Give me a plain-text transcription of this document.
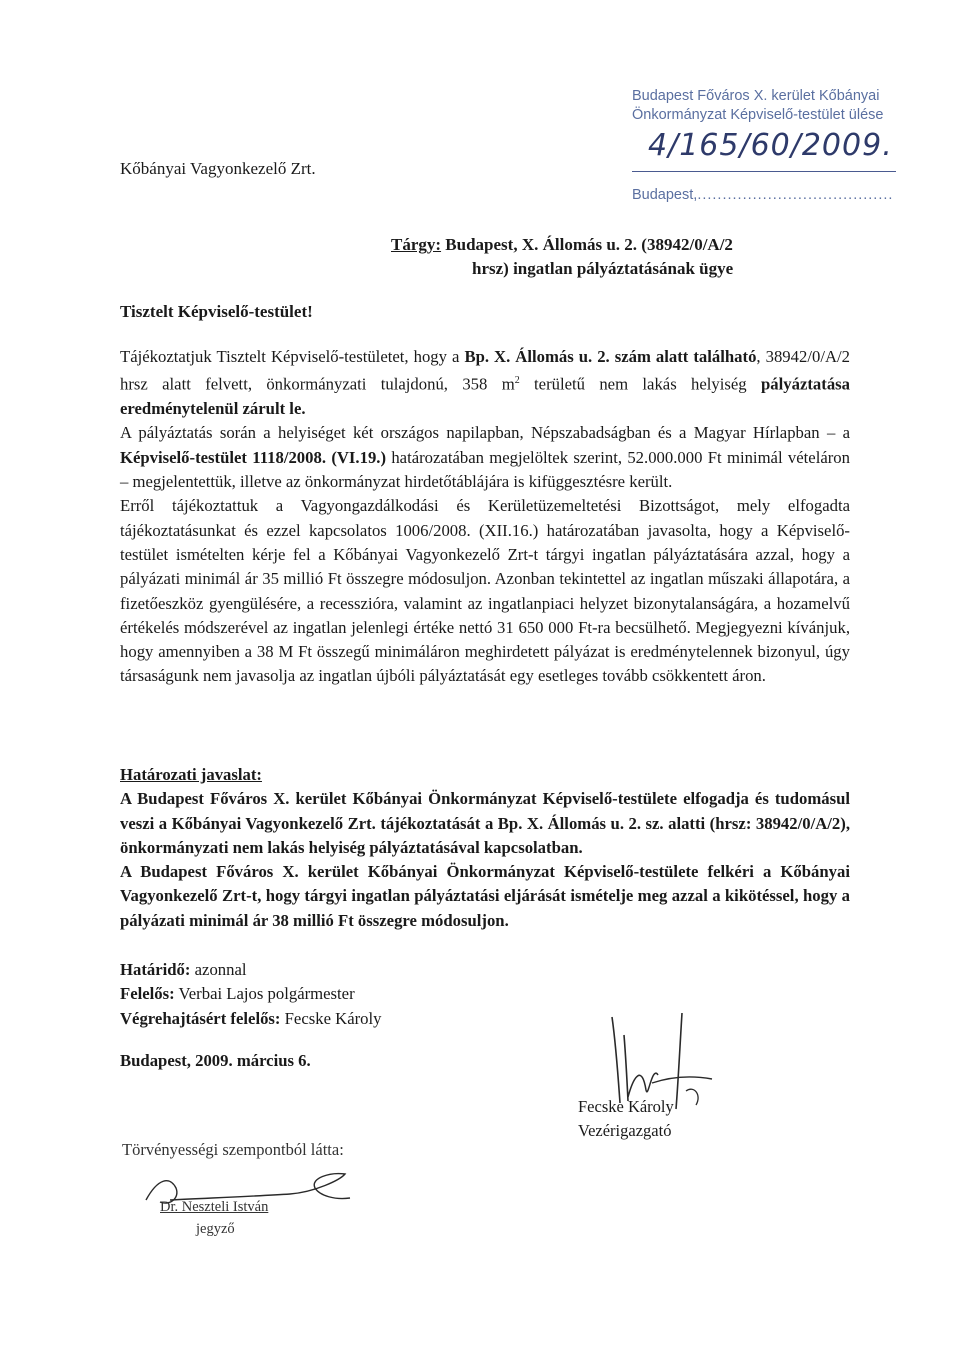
Budapest Főváros X. kerület Kőbányai
Önkormányzat Képviselő-testület ülése
4/165/60/2009.
Budapest,.......................................
Kőbányai Vagyonkezelő Zrt.
Tárgy: Budapest, X. Állomás u. 2. (38942/0/A/2
hrsz) ingatlan pályáztatásának ügye
Tisztelt Képviselő-testület!

Tájékoztatjuk Tisztelt Képviselő-testületet, hogy a Bp. X. Állomás u. 2. szám alatt található, 38942/0/A/2 hrsz alatt felvett, önkormányzati tulajdonú, 358 $m^2$ területű nem lakás helyiség pályáztatása eredménytelenül zárult le.

A pályáztatás során a helyiséget két országos napilapban, Népszabadságban és a Magyar Hírlapban – a Képviselő-testület 1118/2008. (VI.19.) határozatában megjelöltek szerint, 52.000.000 Ft minimál vételáron – megjelentettük, illetve az önkormányzat hirdetőtáblájára is kifüggesztésre került.

Erről tájékoztattuk a Vagyongazdálkodási és Kerületüzemeltetési Bizottságot, mely elfogadta tájékoztatásunkat és ezzel kapcsolatos 1006/2008. (XII.16.) határozatában javasolta, hogy a Képviselő-testület ismételten kérje fel a Kőbányai Vagyonkezelő Zrt-t tárgyi ingatlan pályáztatására azzal, hogy a pályázati minimál ár 35 millió Ft összegre módosuljon. Azonban tekintettel az ingatlan műszaki állapotára, a fizetőeszköz gyengülésére, a recesszióra, valamint az ingatlanpiaci helyzet bizonytalanságára, a hozamelvű értékelés módszerével az ingatlan jelenlegi értéke nettó 31 650 000 Ft-ra becsülhető. Megjegyezni kívánjuk, hogy amennyiben a 38 M Ft összegű minimáláron meghirdetett pályázat is eredménytelennek bizonyul, úgy társaságunk nem javasolja az ingatlan újbóli pályáztatását egy esetleges tovább csökkentett áron.

Határozati javaslat:
A Budapest Főváros X. kerület Kőbányai Önkormányzat Képviselő-testülete elfogadja és tudomásul veszi a Kőbányai Vagyonkezelő Zrt. tájékoztatását a Bp. X. Állomás u. 2. sz. alatti (hrsz: 38942/0/A/2), önkormányzati nem lakás helyiség pályáztatásával kapcsolatban.
A Budapest Főváros X. kerület Kőbányai Önkormányzat Képviselő-testülete felkéri a Kőbányai Vagyonkezelő Zrt-t, hogy tárgyi ingatlan pályáztatási eljárását ismételje meg azzal a kikötéssel, hogy a pályázati minimál ár 38 millió Ft összegre módosuljon.
Határidő: azonnal
Felelős: Verbai Lajos polgármester
Végrehajtásért felelős: Fecske Károly
Budapest, 2009. március 6.
Fecske Károly
Vezérigazgató
Törvényességi szempontból látta:
Dr. Neszteli István
jegyző
